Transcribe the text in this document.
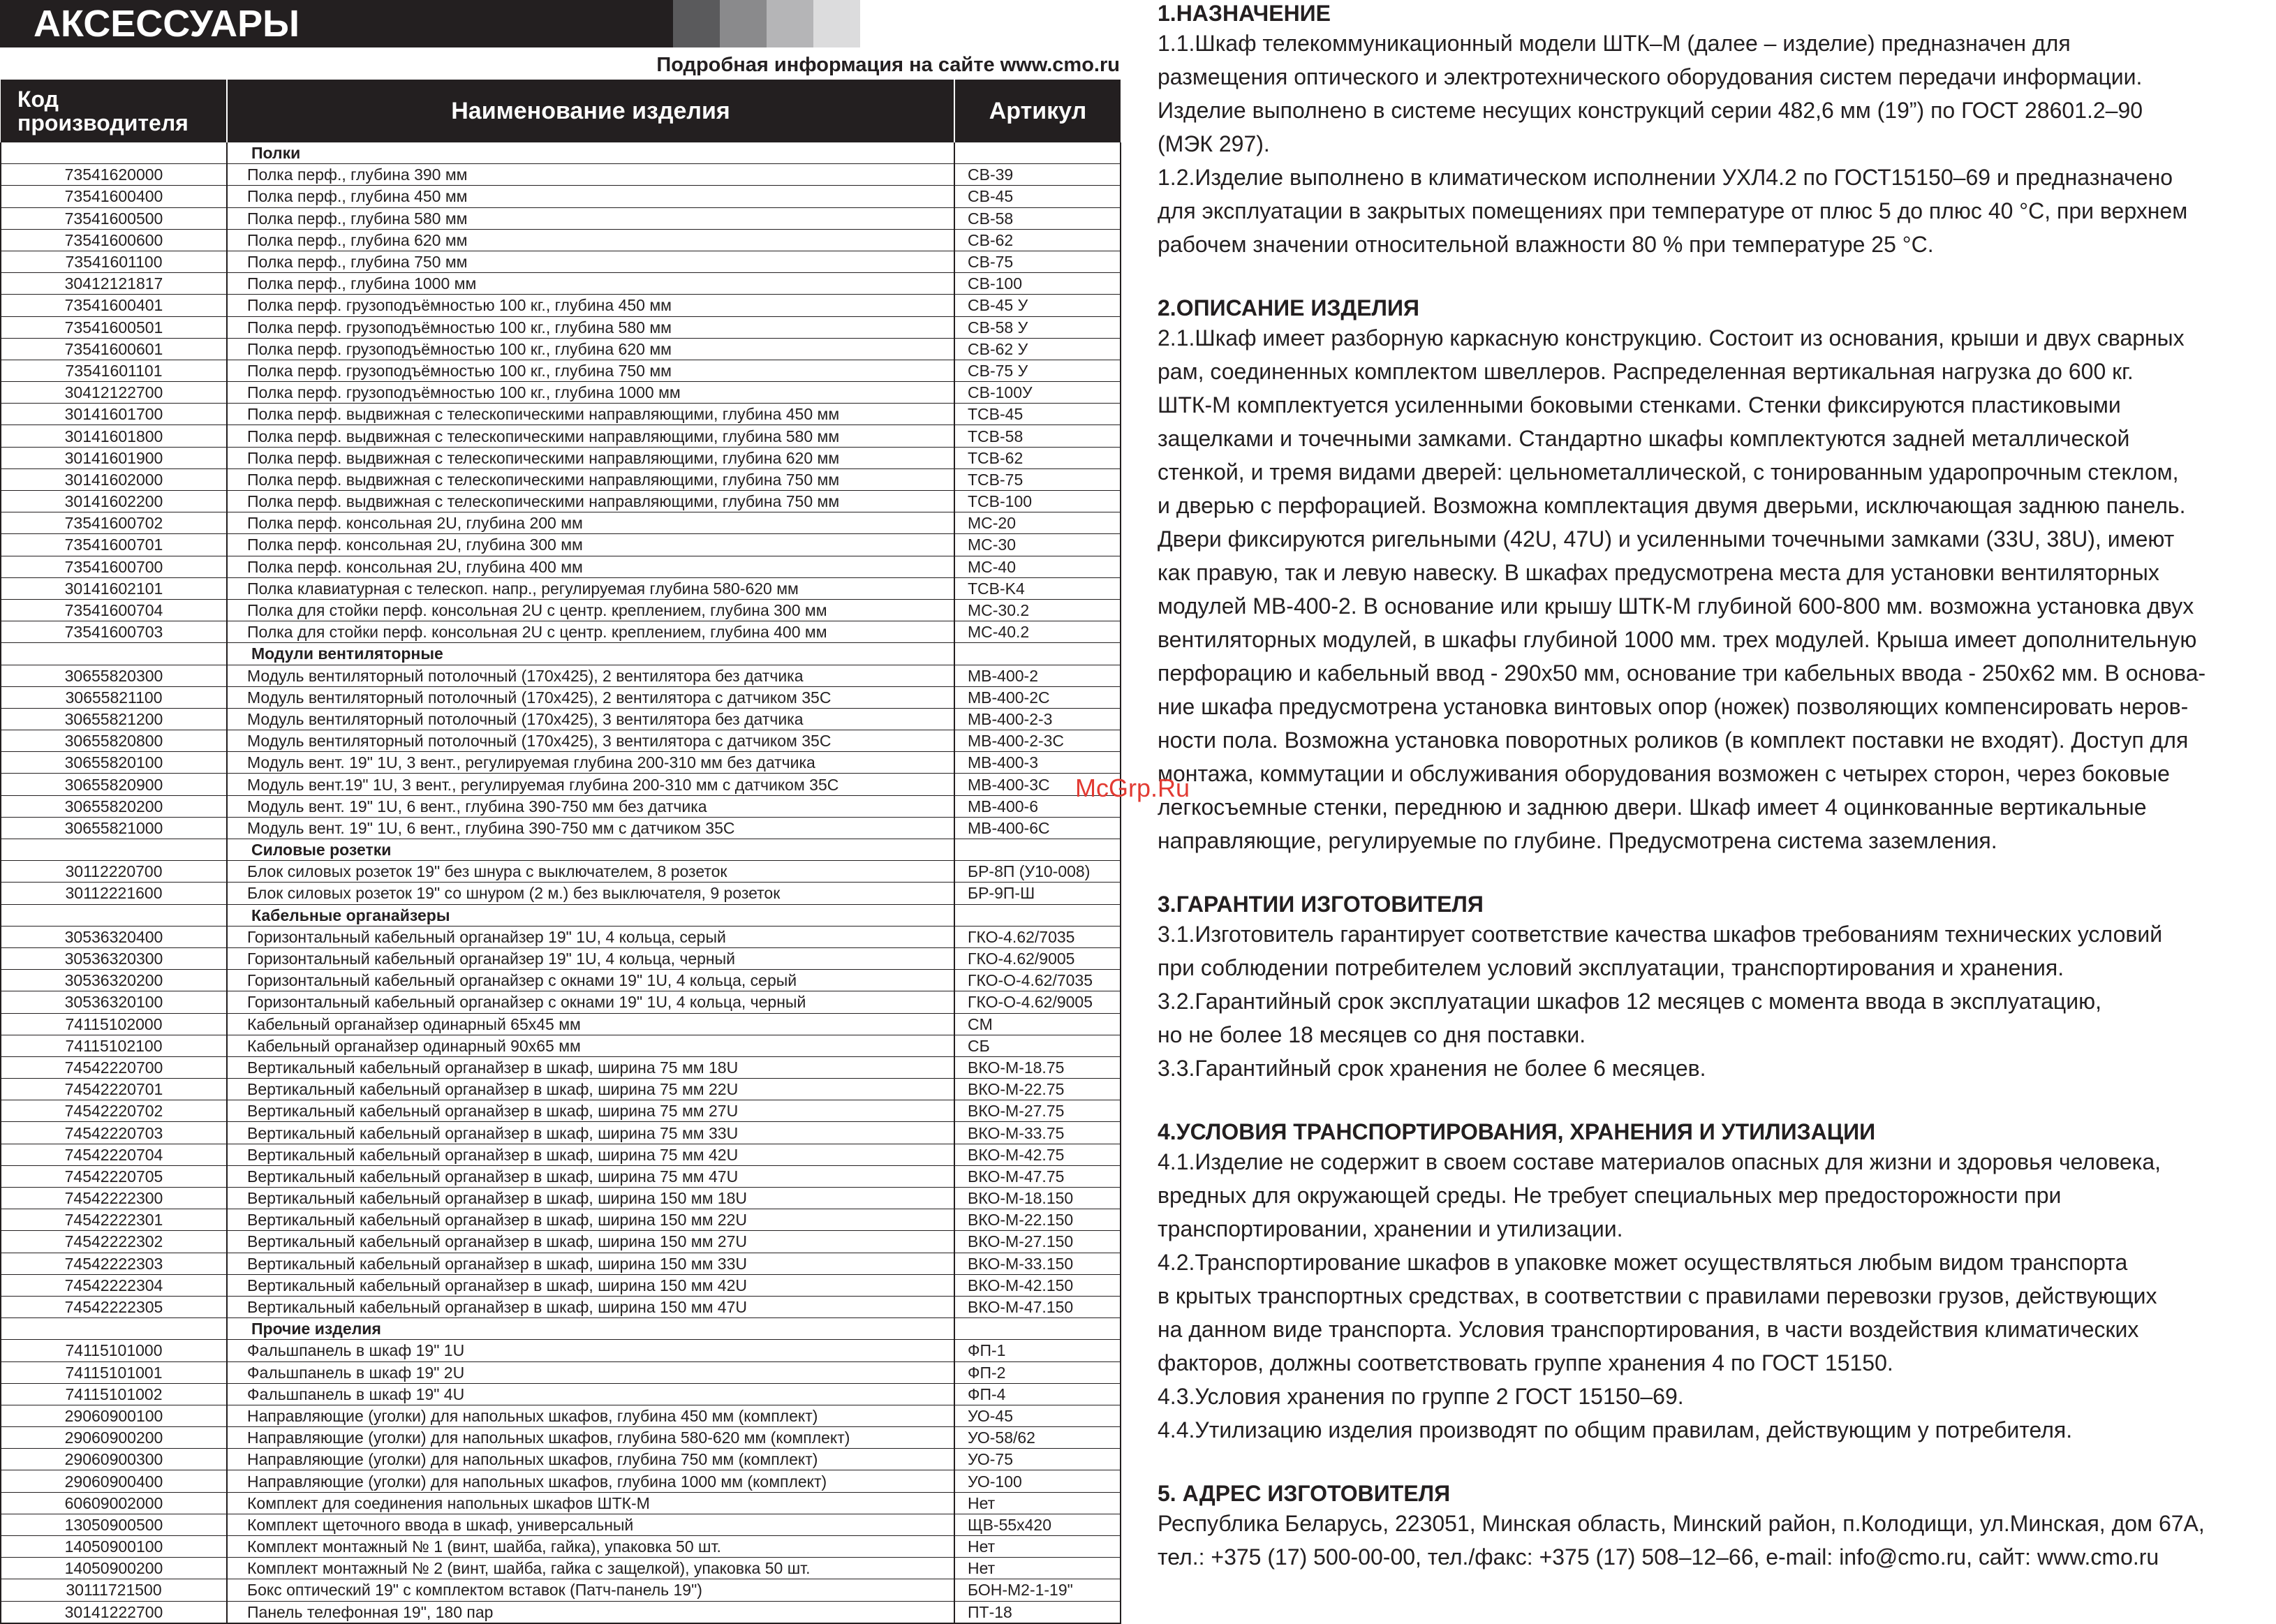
АКСЕССУАРЫ

Подробная информация на сайте www.cmo.ru

Код производителя	Наименование изделия	Артикул
	Полки	
73541620000	Полка перф., глубина 390 мм	CB-39
73541600400	Полка перф., глубина 450 мм	CB-45
73541600500	Полка перф., глубина 580 мм	CB-58
73541600600	Полка перф., глубина 620 мм	CB-62
73541601100	Полка перф., глубина 750 мм	CB-75
30412121817	Полка перф., глубина 1000 мм	CB-100
73541600401	Полка перф. грузоподъёмностью 100 кг., глубина 450 мм	CB-45 У
73541600501	Полка перф. грузоподъёмностью 100 кг., глубина 580 мм	CB-58 У
73541600601	Полка перф. грузоподъёмностью 100 кг., глубина 620 мм	CB-62 У
73541601101	Полка перф. грузоподъёмностью 100 кг., глубина 750 мм	CB-75 У
30412122700	Полка перф. грузоподъёмностью 100 кг., глубина 1000 мм	CB-100У
30141601700	Полка перф. выдвижная с телескопическими направляющими, глубина 450 мм	TCB-45
30141601800	Полка перф. выдвижная с телескопическими направляющими, глубина 580 мм	TCB-58
30141601900	Полка перф. выдвижная с телескопическими направляющими, глубина 620 мм	TCB-62
30141602000	Полка перф. выдвижная с телескопическими направляющими, глубина 750 мм	TCB-75
30141602200	Полка перф. выдвижная с телескопическими направляющими, глубина 750 мм	TCB-100
73541600702	Полка перф. консольная 2U, глубина 200 мм	MC-20
73541600701	Полка перф. консольная 2U, глубина 300 мм	MC-30
73541600700	Полка перф. консольная 2U, глубина 400 мм	MC-40
30141602101	Полка клавиатурная с телескоп. напр., регулируемая глубина 580-620 мм	TCB-K4
73541600704	Полка для стойки перф. консольная 2U с центр. креплением, глубина 300 мм	MC-30.2
73541600703	Полка для стойки перф. консольная 2U с центр. креплением, глубина 400 мм	MC-40.2
	Модули вентиляторные	
30655820300	Модуль вентиляторный потолочный (170x425), 2 вентилятора без датчика	MB-400-2
30655821100	Модуль вентиляторный потолочный (170x425), 2 вентилятора с датчиком 35С	MB-400-2C
30655821200	Модуль вентиляторный потолочный (170x425), 3 вентилятора без датчика	MB-400-2-3
30655820800	Модуль вентиляторный потолочный (170x425), 3 вентилятора с датчиком 35С	MB-400-2-3C
30655820100	Модуль вент. 19" 1U, 3 вент., регулируемая глубина 200-310 мм без датчика	MB-400-3
30655820900	Модуль вент.19" 1U, 3 вент., регулируемая глубина 200-310 мм с датчиком 35С	MB-400-3C
30655820200	Модуль вент. 19" 1U, 6 вент., глубина 390-750 мм без датчика	MB-400-6
30655821000	Модуль вент. 19" 1U, 6 вент., глубина 390-750 мм с датчиком 35С	MB-400-6C
	Силовые розетки	
30112220700	Блок силовых розеток 19" без шнура с выключателем, 8 розеток	БР-8П (У10-008)
30112221600	Блок силовых розеток 19" со шнуром (2 м.) без выключателя, 9 розеток	БР-9П-Ш
	Кабельные органайзеры	
30536320400	Горизонтальный кабельный органайзер 19" 1U, 4 кольца, серый	ГКО-4.62/7035
30536320300	Горизонтальный кабельный органайзер 19" 1U, 4 кольца, черный	ГКО-4.62/9005
30536320200	Горизонтальный кабельный органайзер с окнами 19" 1U, 4 кольца, серый	ГКО-О-4.62/7035
30536320100	Горизонтальный кабельный органайзер с окнами 19" 1U, 4 кольца, черный	ГКО-О-4.62/9005
74115102000	Кабельный органайзер одинарный 65x45 мм	CM
74115102100	Кабельный органайзер одинарный 90x65 мм	CБ
74542220700	Вертикальный кабельный органайзер в шкаф, ширина 75 мм 18U	ВКО-М-18.75
74542220701	Вертикальный кабельный органайзер в шкаф, ширина 75 мм 22U	ВКО-М-22.75
74542220702	Вертикальный кабельный органайзер в шкаф, ширина 75 мм 27U	ВКО-М-27.75
74542220703	Вертикальный кабельный органайзер в шкаф, ширина 75 мм 33U	ВКО-М-33.75
74542220704	Вертикальный кабельный органайзер в шкаф, ширина 75 мм 42U	ВКО-М-42.75
74542220705	Вертикальный кабельный органайзер в шкаф, ширина 75 мм 47U	ВКО-М-47.75
74542222300	Вертикальный кабельный органайзер в шкаф, ширина 150 мм 18U	ВКО-М-18.150
74542222301	Вертикальный кабельный органайзер в шкаф, ширина 150 мм 22U	ВКО-М-22.150
74542222302	Вертикальный кабельный органайзер в шкаф, ширина 150 мм 27U	ВКО-М-27.150
74542222303	Вертикальный кабельный органайзер в шкаф, ширина 150 мм 33U	ВКО-М-33.150
74542222304	Вертикальный кабельный органайзер в шкаф, ширина 150 мм 42U	ВКО-М-42.150
74542222305	Вертикальный кабельный органайзер в шкаф, ширина 150 мм 47U	ВКО-М-47.150
	Прочие изделия	
74115101000	Фальшпанель в шкаф 19" 1U	ФП-1
74115101001	Фальшпанель в шкаф 19" 2U	ФП-2
74115101002	Фальшпанель в шкаф 19" 4U	ФП-4
29060900100	Направляющие (уголки) для напольных шкафов, глубина 450 мм (комплект)	УО-45
29060900200	Направляющие (уголки) для напольных шкафов, глубина 580-620 мм (комплект)	УО-58/62
29060900300	Направляющие (уголки) для напольных шкафов, глубина 750 мм (комплект)	УО-75
29060900400	Направляющие (уголки) для напольных шкафов, глубина 1000 мм (комплект)	УО-100
60609002000	Комплект для соединения напольных шкафов ШТК-М	Нет
13050900500	Комплект щеточного ввода в шкаф, универсальный	ЩВ-55x420
14050900100	Комплект монтажный № 1 (винт, шайба, гайка), упаковка 50 шт.	Нет
14050900200	Комплект монтажный № 2 (винт, шайба, гайка с защелкой), упаковка 50 шт.	Нет
30111721500	Бокс оптический 19" с комплектом вставок (Патч-панель 19")	БОН-М2-1-19"
30141222700	Панель телефонная 19", 180 пар	ПТ-18
1.НАЗНАЧЕНИЕ

1.1.Шкаф телекоммуникационный модели ШТК–М (далее – изделие) предназначен для
размещения оптического и электротехнического оборудования систем передачи информации.
Изделие выполнено в системе несущих конструкций серии 482,6 мм (19”) по ГОСТ 28601.2–90
(МЭК 297).
1.2.Изделие выполнено в климатическом исполнении УХЛ4.2 по ГОСТ15150–69 и предназначено
для эксплуатации в закрытых помещениях при температуре от плюс 5 до плюс 40 °С, при верхнем
рабочем значении относительной влажности 80 % при температуре 25 °С.

2.ОПИСАНИЕ ИЗДЕЛИЯ

2.1.Шкаф имеет разборную каркасную конструкцию. Состоит из основания, крыши и двух сварных
рам, соединенных комплектом швеллеров. Распределенная вертикальная нагрузка до 600 кг.
ШТК-М комплектуется усиленными боковыми стенками. Стенки фиксируются пластиковыми
защелками и точечными замками. Стандартно шкафы комплектуются задней металлической
стенкой, и тремя видами дверей: цельнометаллической, с тонированным ударопрочным стеклом,
и дверью с перфорацией. Возможна комплектация двумя дверьми, исключающая заднюю панель.
Двери фиксируются ригельными (42U, 47U) и усиленными точечными замками (33U, 38U), имеют
как правую, так и левую навеску. В шкафах предусмотрена места для установки вентиляторных
модулей МВ-400-2. В основание или крышу ШТК-М глубиной 600-800 мм. возможна установка двух
вентиляторных модулей, в шкафы глубиной 1000 мм. трех модулей. Крыша имеет дополнительную
перфорацию и кабельный ввод - 290х50 мм, основание три кабельных ввода - 250х62 мм. В основа-
ние шкафа предусмотрена установка винтовых опор (ножек) позволяющих компенсировать неров-
ности пола. Возможна установка поворотных роликов (в комплект поставки не входят). Доступ для
монтажа, коммутации и обслуживания оборудования возможен с четырех сторон, через боковые
легкосъемные стенки, переднюю и заднюю двери. Шкаф имеет 4 оцинкованные вертикальные
направляющие, регулируемые по глубине. Предусмотрена система заземления.

3.ГАРАНТИИ ИЗГОТОВИТЕЛЯ

3.1.Изготовитель гарантирует соответствие качества шкафов требованиям технических условий
при соблюдении потребителем условий эксплуатации, транспортирования и хранения.
3.2.Гарантийный срок эксплуатации шкафов 12 месяцев с момента ввода в эксплуатацию,
но не более 18 месяцев со дня поставки.
3.3.Гарантийный срок хранения не более 6 месяцев.

4.УСЛОВИЯ ТРАНСПОРТИРОВАНИЯ, ХРАНЕНИЯ И УТИЛИЗАЦИИ

4.1.Изделие не содержит в своем составе материалов опасных для жизни и здоровья человека,
вредных для окружающей среды. Не требует специальных мер предосторожности при
транспортировании, хранении и утилизации.
4.2.Транспортирование шкафов в упаковке может осуществляться любым видом транспорта
в крытых транспортных средствах, в соответствии с правилами перевозки грузов, действующих
на данном виде транспорта. Условия транспортирования, в части воздействия климатических
факторов, должны соответствовать группе хранения 4 по ГОСТ 15150.
4.3.Условия хранения по группе 2 ГОСТ 15150–69.
4.4.Утилизацию изделия производят по общим правилам, действующим у потребителя.

5. АДРЕС ИЗГОТОВИТЕЛЯ

Республика Беларусь, 223051, Минская область, Минский район, п.Колодищи, ул.Минская, дом 67А,
тел.: +375 (17) 500-00-00, тел./факс: +375 (17) 508–12–66, e-mail: info@cmo.ru, сайт: www.cmo.ru

McGrp.Ru
